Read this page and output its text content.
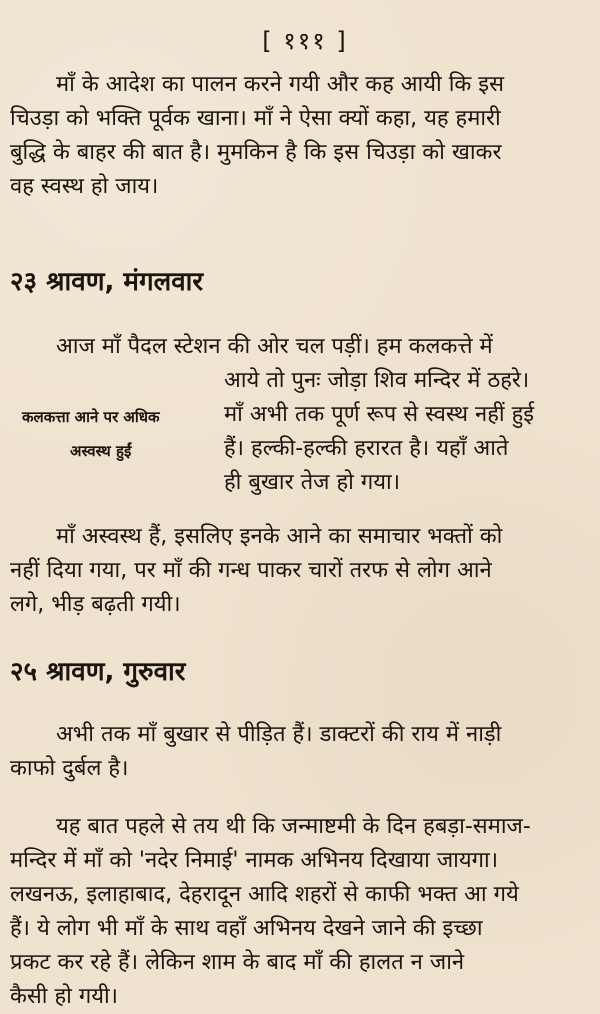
[ १११ ]
माँ के आदेश का पालन करने गयी और कह आयी कि इस
चिउड़ा को भक्ति पूर्वक खाना। माँ ने ऐसा क्यों कहा, यह हमारी
बुद्धि के बाहर की बात है। मुमकिन है कि इस चिउड़ा को खाकर
वह स्वस्थ हो जाय।
२३ श्रावण, मंगलवार
आज माँ पैदल स्टेशन की ओर चल पड़ीं। हम कलकत्ते में
आये तो पुनः जोड़ा शिव मन्दिर में ठहरे।
कलकत्ता आने पर अधिक	माँ अभी तक पूर्ण रूप से स्वस्थ नहीं हुई
अस्वस्थ हुईं	हैं। हल्की-हल्की हरारत है। यहाँ आते
ही बुखार तेज हो गया।
माँ अस्वस्थ हैं, इसलिए इनके आने का समाचार भक्तों को
नहीं दिया गया, पर माँ की गन्ध पाकर चारों तरफ से लोग आने
लगे, भीड़ बढ़ती गयी।
२५ श्रावण, गुरुवार
अभी तक माँ बुखार से पीड़ित हैं। डाक्टरों की राय में नाड़ी
काफो दुर्बल है।
यह बात पहले से तय थी कि जन्माष्टमी के दिन हबड़ा-समाज-
मन्दिर में माँ को 'नदेर निमाई' नामक अभिनय दिखाया जायगा।
लखनऊ, इलाहाबाद, देहरादून आदि शहरों से काफी भक्त आ गये
हैं। ये लोग भी माँ के साथ वहाँ अभिनय देखने जाने की इच्छा
प्रकट कर रहे हैं। लेकिन शाम के बाद माँ की हालत न जाने
कैसी हो गयी।
